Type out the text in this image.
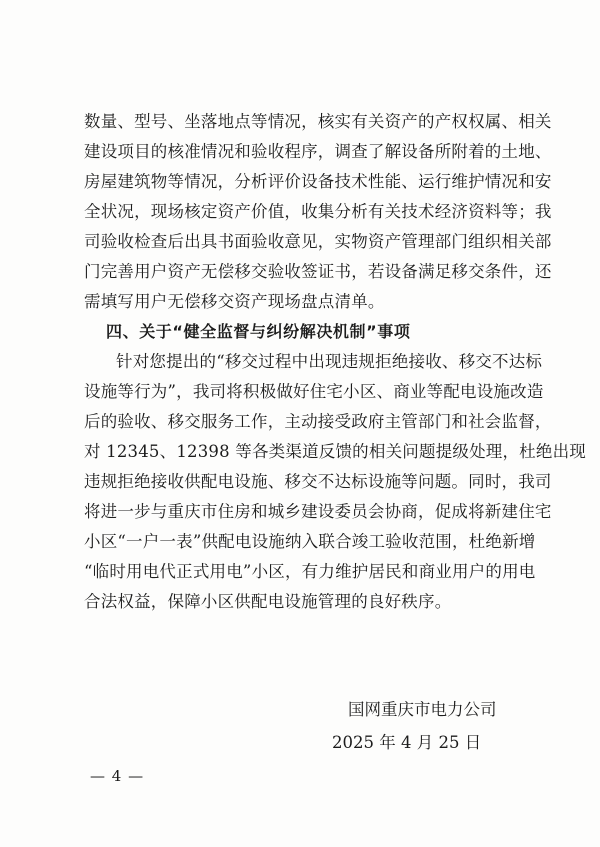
数量、型号、坐落地点等情况，核实有关资产的产权权属、相关
建设项目的核准情况和验收程序，调查了解设备所附着的土地、
房屋建筑物等情况，分析评价设备技术性能、运行维护情况和安
全状况，现场核定资产价值，收集分析有关技术经济资料等；我
司验收检查后出具书面验收意见，实物资产管理部门组织相关部
门完善用户资产无偿移交验收签证书，若设备满足移交条件，还
需填写用户无偿移交资产现场盘点清单。
四、关于“健全监督与纠纷解决机制”事项
针对您提出的“移交过程中出现违规拒绝接收、移交不达标
设施等行为”，我司将积极做好住宅小区、商业等配电设施改造
后的验收、移交服务工作，主动接受政府主管部门和社会监督，
对 12345、12398 等各类渠道反馈的相关问题提级处理，杜绝出现
违规拒绝接收供配电设施、移交不达标设施等问题。同时，我司
将进一步与重庆市住房和城乡建设委员会协商，促成将新建住宅
小区“一户一表”供配电设施纳入联合竣工验收范围，杜绝新增
“临时用电代正式用电”小区，有力维护居民和商业用户的用电
合法权益，保障小区供配电设施管理的良好秩序。
国网重庆市电力公司
2025 年 4 月 25 日
— 4 —
